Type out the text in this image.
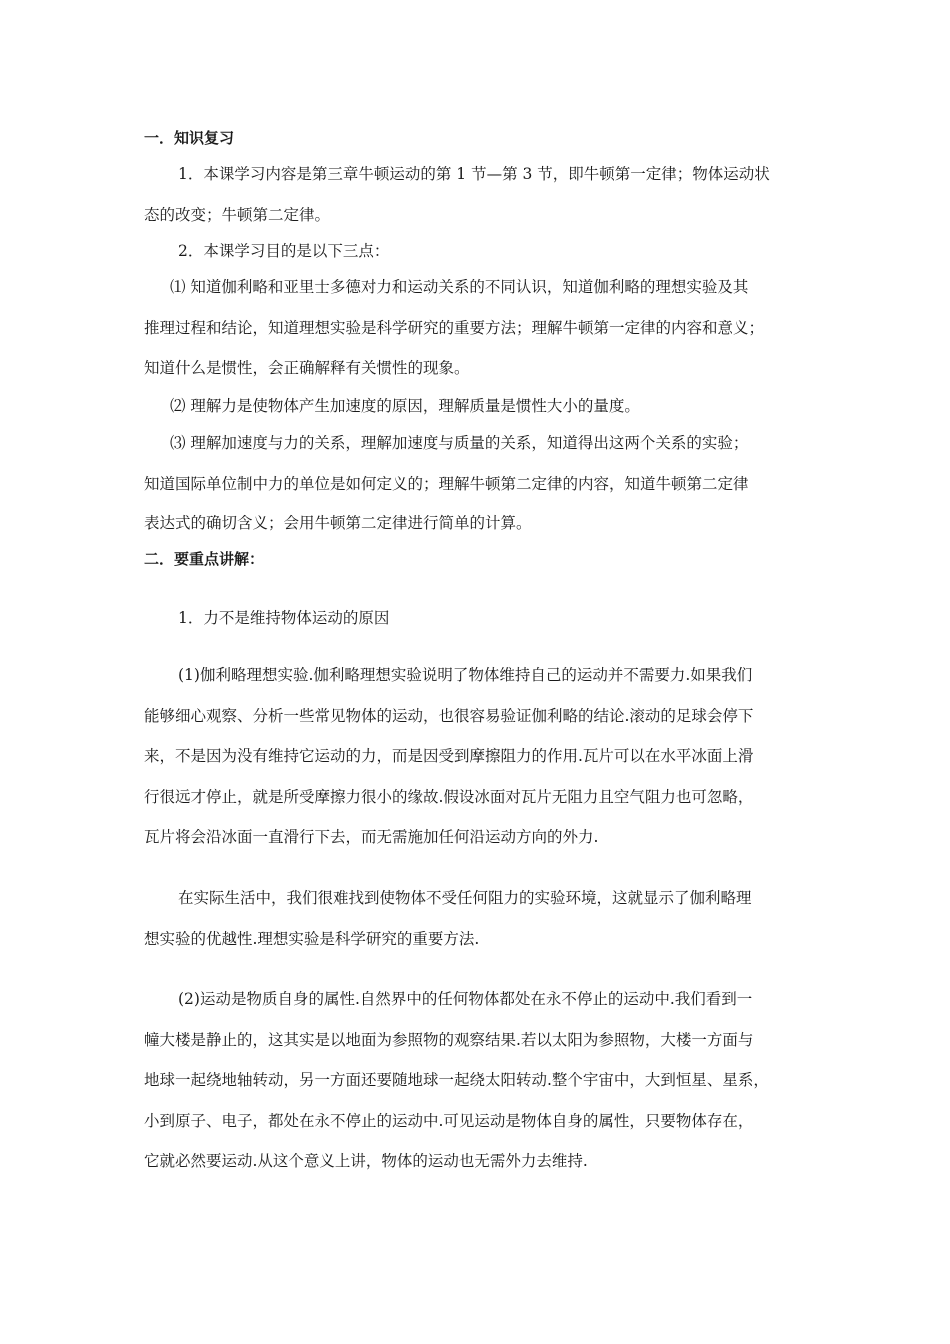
一．知识复习
1．本课学习内容是第三章牛顿运动的第 1 节—第 3 节，即牛顿第一定律；物体运动状
态的改变；牛顿第二定律。
2．本课学习目的是以下三点：
⑴ 知道伽利略和亚里士多德对力和运动关系的不同认识，知道伽利略的理想实验及其
推理过程和结论，知道理想实验是科学研究的重要方法；理解牛顿第一定律的内容和意义；
知道什么是惯性，会正确解释有关惯性的现象。
⑵ 理解力是使物体产生加速度的原因，理解质量是惯性大小的量度。
⑶ 理解加速度与力的关系，理解加速度与质量的关系，知道得出这两个关系的实验；
知道国际单位制中力的单位是如何定义的；理解牛顿第二定律的内容，知道牛顿第二定律
表达式的确切含义；会用牛顿第二定律进行简单的计算。
二．要重点讲解：
1．力不是维持物体运动的原因
(1)伽利略理想实验.伽利略理想实验说明了物体维持自己的运动并不需要力.如果我们
能够细心观察、分析一些常见物体的运动，也很容易验证伽利略的结论.滚动的足球会停下
来，不是因为没有维持它运动的力，而是因受到摩擦阻力的作用.瓦片可以在水平冰面上滑
行很远才停止，就是所受摩擦力很小的缘故.假设冰面对瓦片无阻力且空气阻力也可忽略，
瓦片将会沿冰面一直滑行下去，而无需施加任何沿运动方向的外力.
在实际生活中，我们很难找到使物体不受任何阻力的实验环境，这就显示了伽利略理
想实验的优越性.理想实验是科学研究的重要方法.
(2)运动是物质自身的属性.自然界中的任何物体都处在永不停止的运动中.我们看到一
幢大楼是静止的，这其实是以地面为参照物的观察结果.若以太阳为参照物，大楼一方面与
地球一起绕地轴转动，另一方面还要随地球一起绕太阳转动.整个宇宙中，大到恒星、星系，
小到原子、电子，都处在永不停止的运动中.可见运动是物体自身的属性，只要物体存在，
它就必然要运动.从这个意义上讲，物体的运动也无需外力去维持.
